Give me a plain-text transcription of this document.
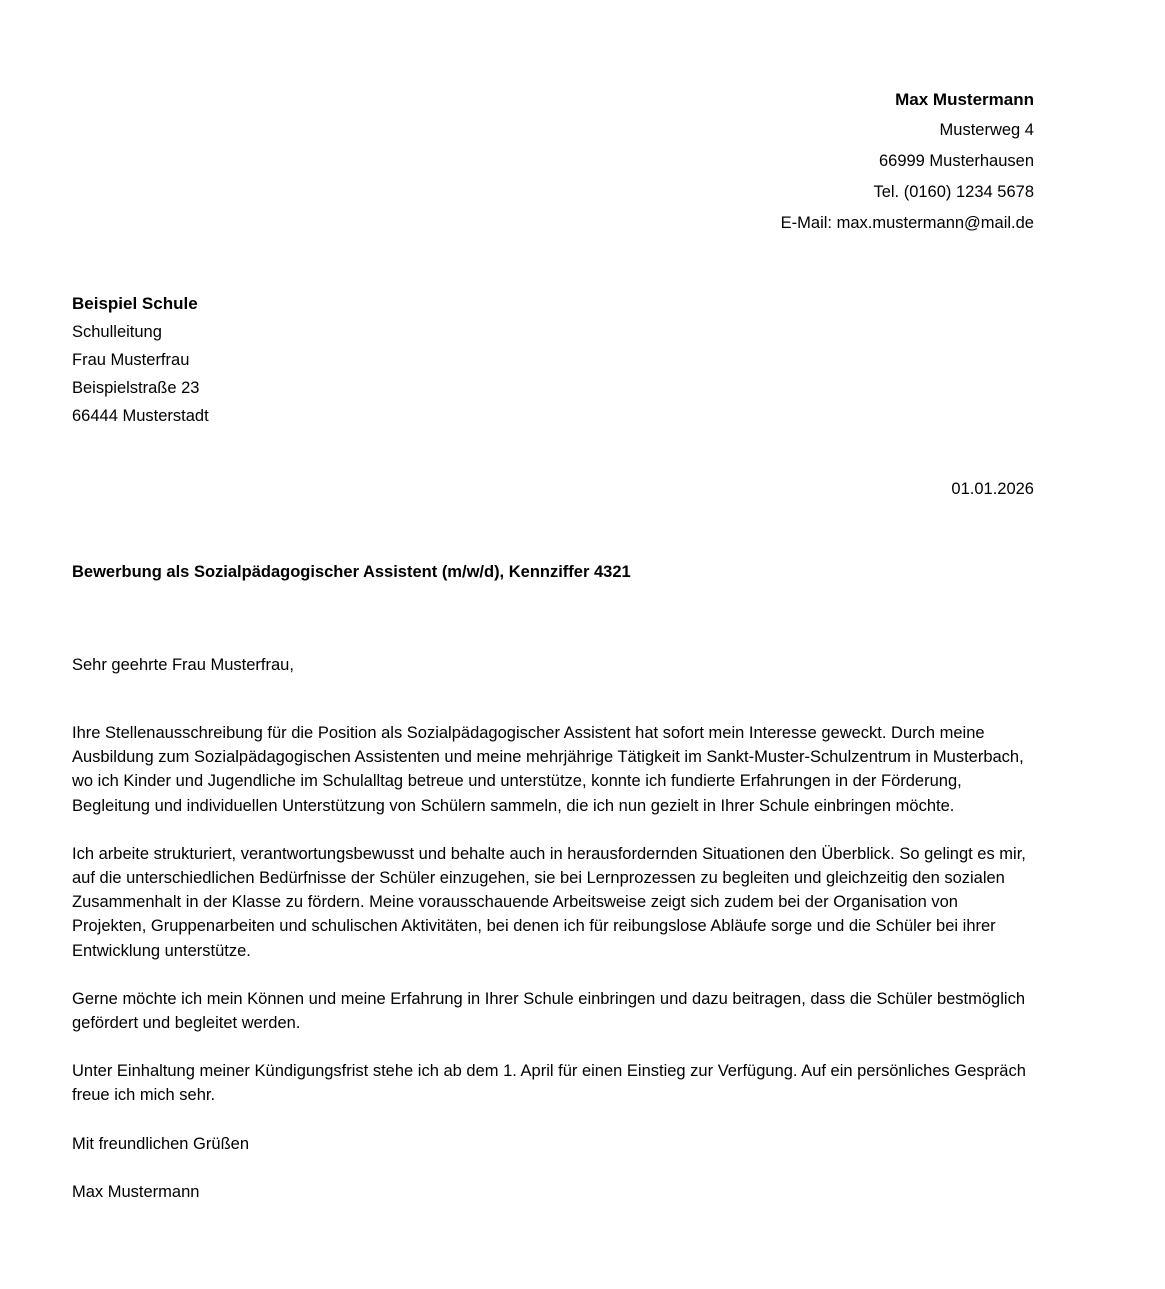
Max Mustermann
Musterweg 4
66999 Musterhausen
Tel. (0160) 1234 5678
E-Mail: max.mustermann@mail.de
Beispiel Schule
Schulleitung
Frau Musterfrau
Beispielstraße 23
66444 Musterstadt
01.01.2026
Bewerbung als Sozialpädagogischer Assistent (m/w/d), Kennziffer 4321
Sehr geehrte Frau Musterfrau,

Ihre Stellenausschreibung für die Position als Sozialpädagogischer Assistent hat sofort mein Interesse geweckt. Durch meine Ausbildung zum Sozialpädagogischen Assistenten und meine mehrjährige Tätigkeit im Sankt-Muster-Schulzentrum in Musterbach, wo ich Kinder und Jugendliche im Schulalltag betreue und unterstütze, konnte ich fundierte Erfahrungen in der Förderung, Begleitung und individuellen Unterstützung von Schülern sammeln, die ich nun gezielt in Ihrer Schule einbringen möchte.

Ich arbeite strukturiert, verantwortungsbewusst und behalte auch in herausfordernden Situationen den Überblick. So gelingt es mir, auf die unterschiedlichen Bedürfnisse der Schüler einzugehen, sie bei Lernprozessen zu begleiten und gleichzeitig den sozialen Zusammenhalt in der Klasse zu fördern. Meine vorausschauende Arbeitsweise zeigt sich zudem bei der Organisation von Projekten, Gruppenarbeiten und schulischen Aktivitäten, bei denen ich für reibungslose Abläufe sorge und die Schüler bei ihrer Entwicklung unterstütze.

Gerne möchte ich mein Können und meine Erfahrung in Ihrer Schule einbringen und dazu beitragen, dass die Schüler bestmöglich gefördert und begleitet werden.

Unter Einhaltung meiner Kündigungsfrist stehe ich ab dem 1. April für einen Einstieg zur Verfügung. Auf ein persönliches Gespräch freue ich mich sehr.

Mit freundlichen Grüßen
Max Mustermann
